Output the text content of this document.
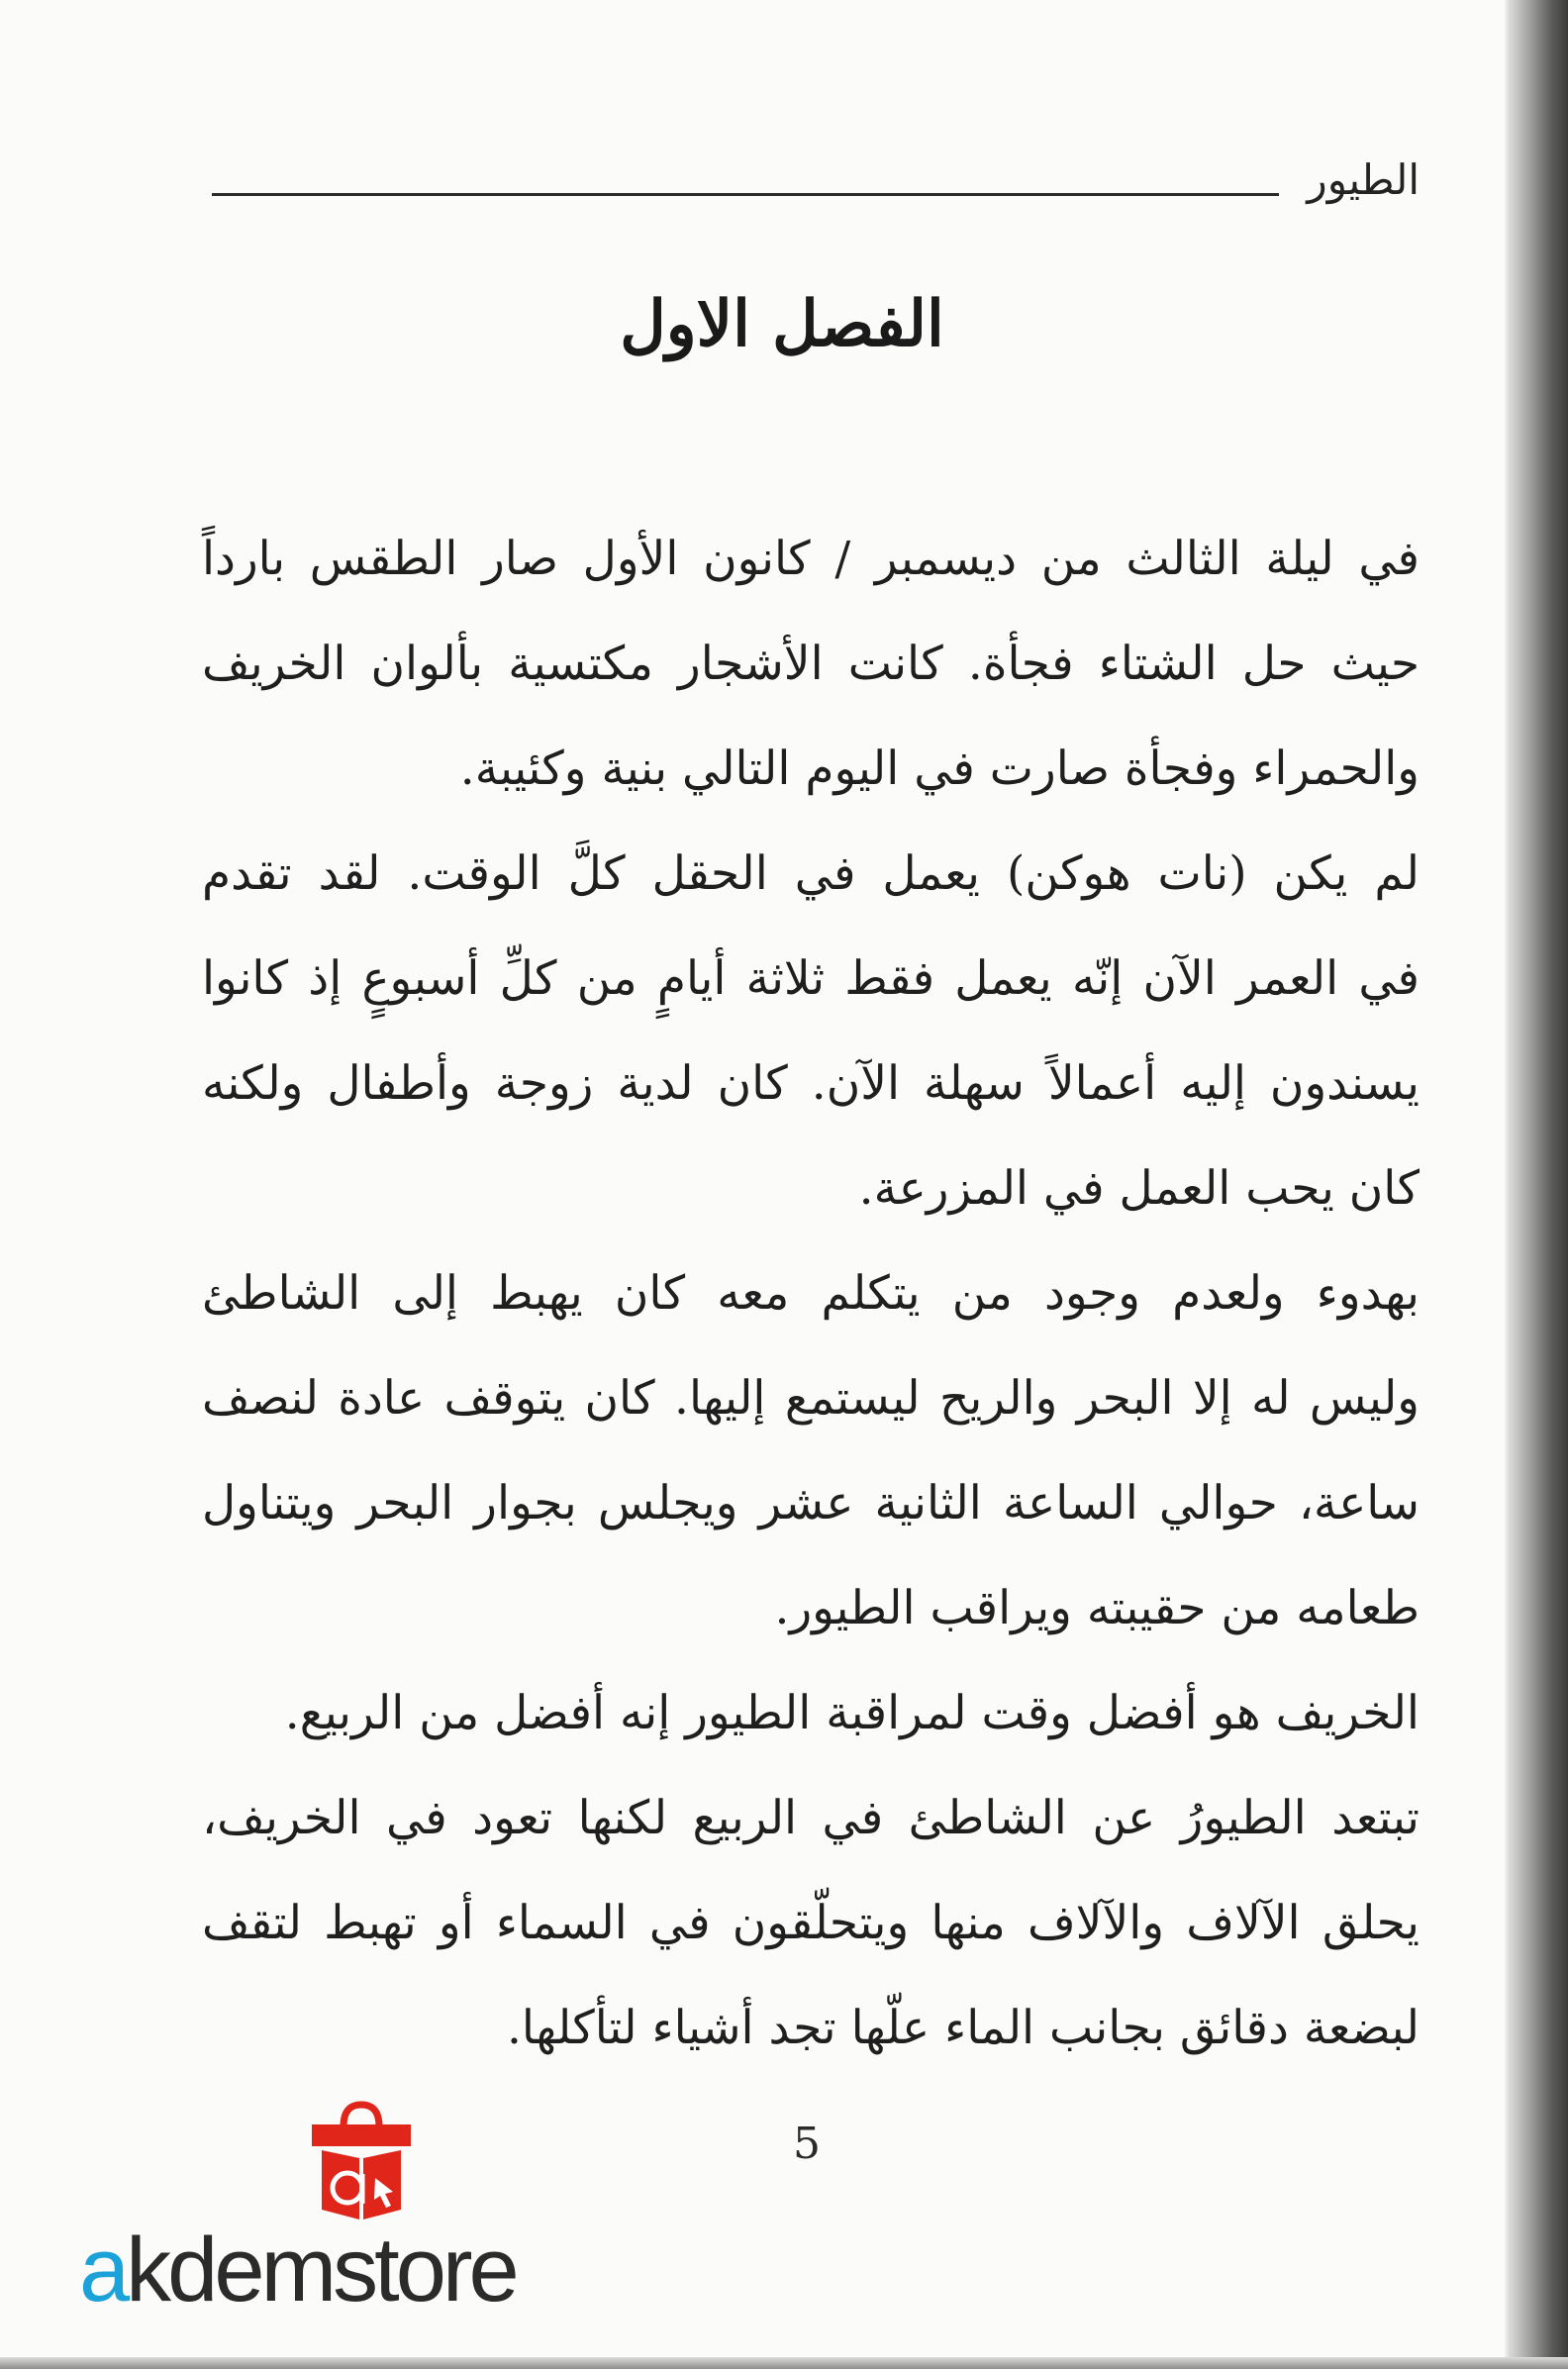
الطيور
الفصل الاول
في ليلة الثالث من ديسمبر / كانون الأول صار الطقس بارداً
حيث حل الشتاء فجأة. كانت الأشجار مكتسية بألوان الخريف
والحمراء وفجأة صارت في اليوم التالي بنية وكئيبة.
لم يكن (نات هوكن) يعمل في الحقل كلَّ الوقت. لقد تقدم
في العمر الآن إنّه يعمل فقط ثلاثة أيامٍ من كلِّ أسبوعٍ إذ كانوا
يسندون إليه أعمالاً سهلة الآن. كان لدية زوجة وأطفال ولكنه
كان يحب العمل في المزرعة.
بهدوء ولعدم وجود من يتكلم معه كان يهبط إلى الشاطئ
وليس له إلا البحر والريح ليستمع إليها. كان يتوقف عادة لنصف
ساعة، حوالي الساعة الثانية عشر ويجلس بجوار البحر ويتناول
طعامه من حقيبته ويراقب الطيور.
الخريف هو أفضل وقت لمراقبة الطيور إنه أفضل من الربيع.
تبتعد الطيورُ عن الشاطئ في الربيع لكنها تعود في الخريف،
يحلق الآلاف والآلاف منها ويتحلّقون في السماء أو تهبط لتقف
لبضعة دقائق بجانب الماء علّها تجد أشياء لتأكلها.
5
akdemstore
